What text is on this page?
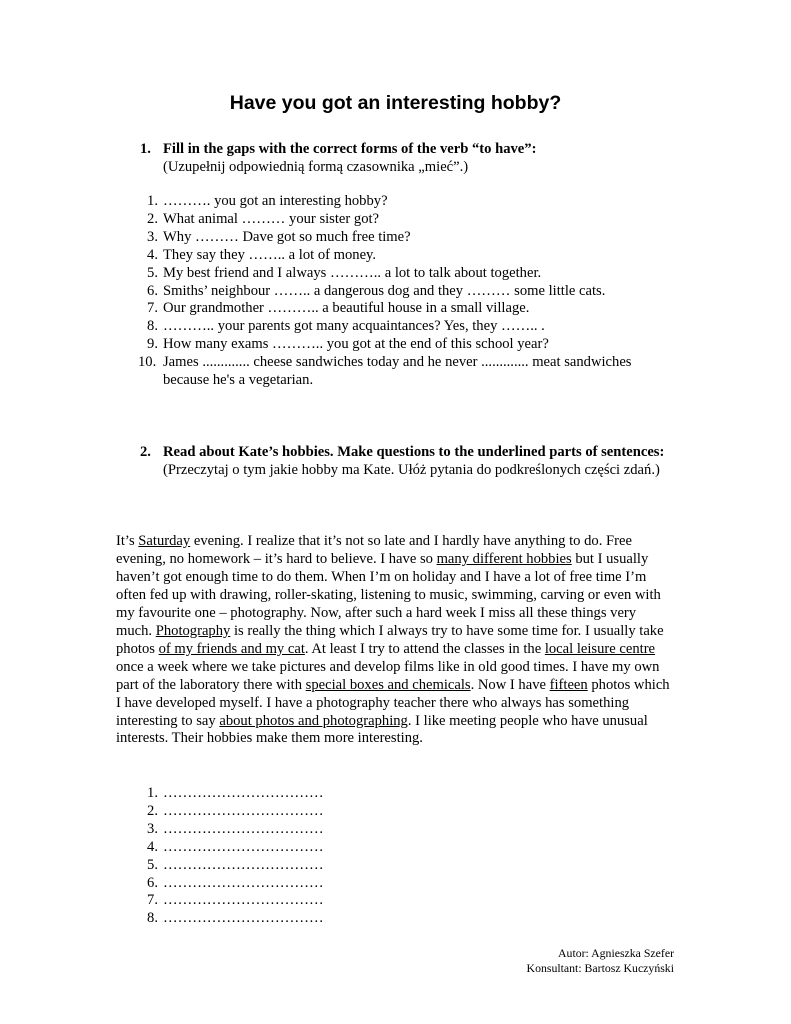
Have you got an interesting hobby?
1. Fill in the gaps with the correct forms of the verb “to have”:
(Uzupełnij odpowiednią formą czasownika „mieć”.)
1. ………. you got an interesting hobby?
2. What animal ……… your sister got?
3. Why ……… Dave got so much free time?
4. They say they …….. a lot of money.
5. My best friend and I always ……….. a lot to talk about together.
6. Smiths’ neighbour …….. a dangerous dog and they ……… some little cats.
7. Our grandmother ……….. a beautiful house in a small village.
8. ……….. your parents got many acquaintances? Yes, they …….. .
9. How many exams ……….. you got at the end of this school year?
10. James ............. cheese sandwiches today and he never ............. meat sandwiches because he's a vegetarian.
2. Read about Kate’s hobbies. Make questions to the underlined parts of sentences:
(Przeczytaj o tym jakie hobby ma Kate. Ułóż pytania do podkreślonych części zdań.)

It’s Saturday evening. I realize that it’s not so late and I hardly have anything to do. Free evening, no homework – it’s hard to believe. I have so many different hobbies but I usually haven’t got enough time to do them. When I’m on holiday and I have a lot of free time I’m often fed up with drawing, roller-skating, listening to music, swimming, carving or even with my favourite one – photography. Now, after such a hard week I miss all these things very much. Photography is really the thing which I always try to have some time for. I usually take photos of my friends and my cat. At least I try to attend the classes in the local leisure centre once a week where we take pictures and develop films like in old good times. I have my own part of the laboratory there with special boxes and chemicals. Now I have fifteen photos which I have developed myself. I have a photography teacher there who always has something interesting to say about photos and photographing. I like meeting people who have unusual interests. Their hobbies make them more interesting.

1. ……………………………
2. ……………………………
3. ……………………………
4. ……………………………
5. ……………………………
6. ……………………………
7. ……………………………
8. ……………………………
Autor: Agnieszka Szefer
Konsultant: Bartosz Kuczyński
